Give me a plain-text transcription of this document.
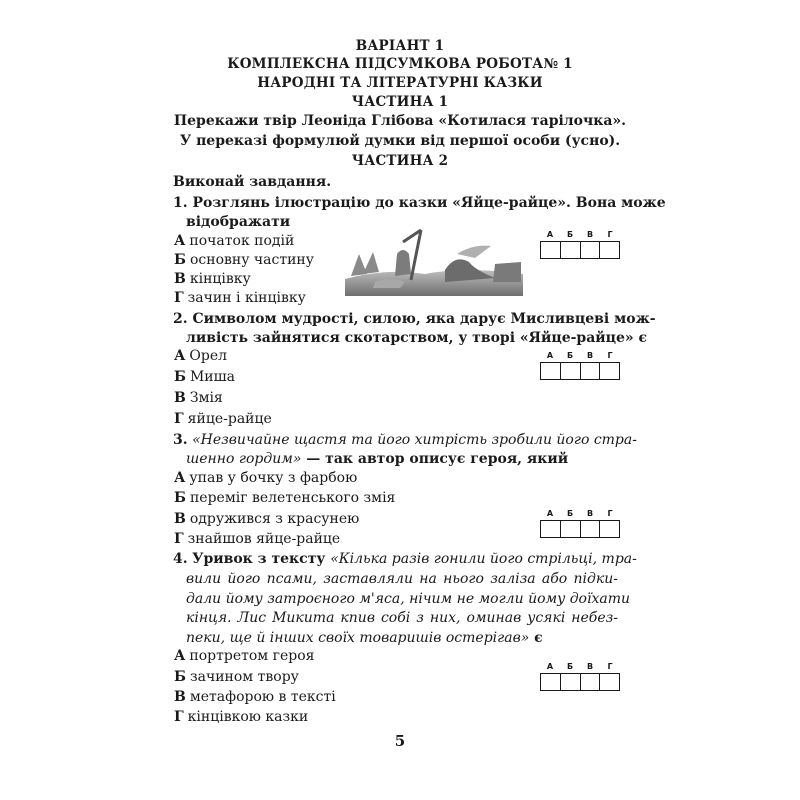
ВАРІАНТ 1
КОМПЛЕКСНА ПІДСУМКОВА РОБОТА№ 1
НАРОДНІ ТА ЛІТЕРАТУРНІ КАЗКИ
ЧАСТИНА 1
Перекажи твір Леоніда Глібова «Котилася тарілочка».
У переказі формулюй думки від першої особи (усно).
ЧАСТИНА 2
Виконай завдання.
1. Розглянь ілюстрацію до казки «Яйце-райце». Вона може
відображати
А початок подій
Б основну частину
В кінцівку
Г зачин і кінцівку
А	Б	В	Г
2. Символом мудрості, силою, яка дарує Мисливцеві мож-
ливість зайнятися скотарством, у творі «Яйце-райце» є
А Орел
Б Миша
В Змія
Г яйце-райце
А	Б	В	Г
3. «Незвичайне щастя та його хитрість зробили його стра-
шенно гордим» — так автор описує героя, який
А упав у бочку з фарбою
Б переміг велетенського змія
В одружився з красунею
Г знайшов яйце-райце
А	Б	В	Г
4. Уривок з тексту «Кілька разів гонили його стрільці, тра-
вили його псами, заставляли на нього заліза або підки-
дали йому затроєного м'яса, нічим не могли йому доїхати
кінця. Лис Микита кпив собі з них, оминав усякі небез-
пеки, ще й інших своїх товаришів остерігав» є
А портретом героя
Б зачином твору
В метафорою в тексті
Г кінцівкою казки
А	Б	В	Г
5
